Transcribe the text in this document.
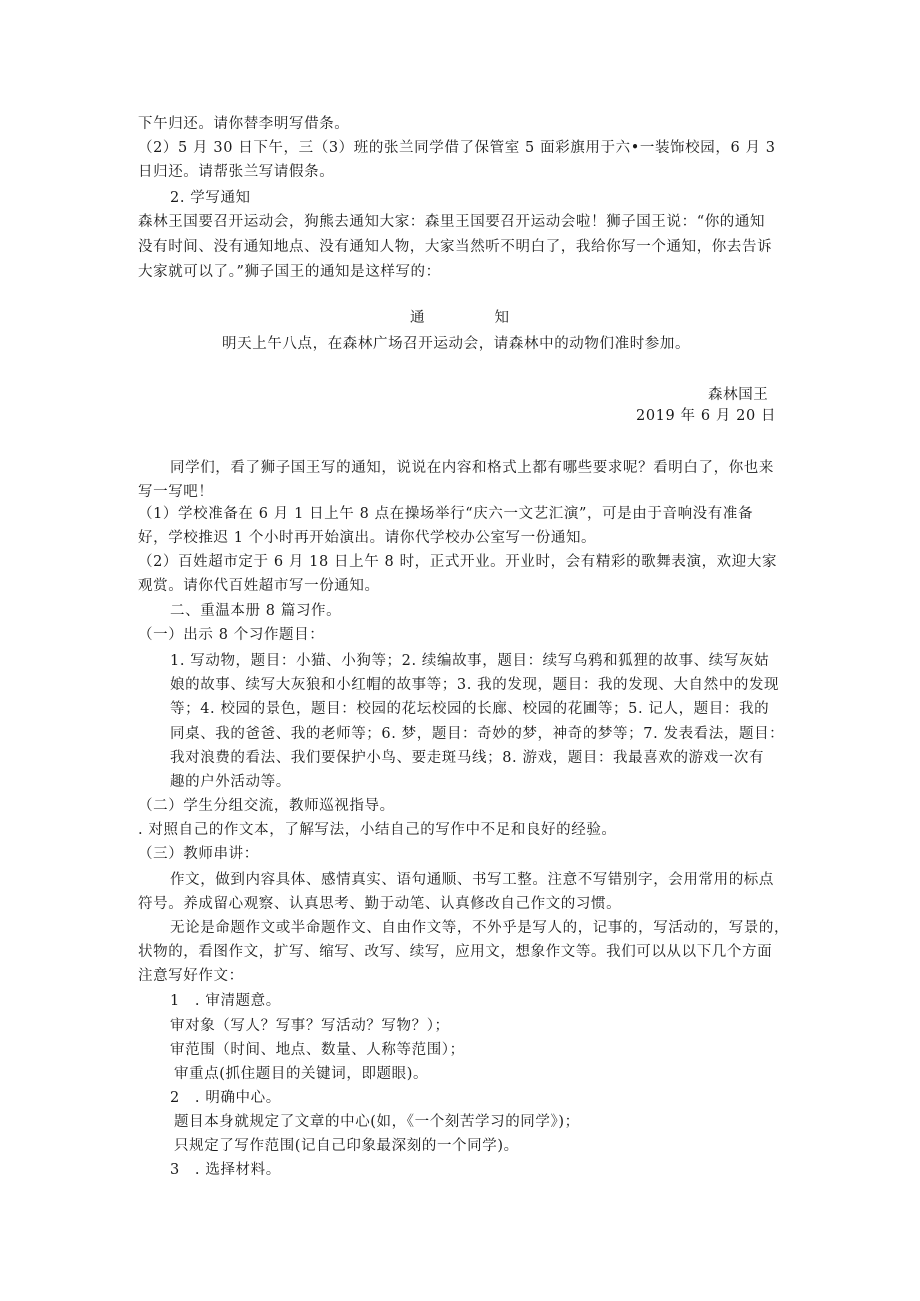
下午归还。请你替李明写借条。
（2）5 月 30 日下午，三（3）班的张兰同学借了保管室 5 面彩旗用于六•一装饰校园，6 月 3
日归还。请帮张兰写请假条。
2. 学写通知
森林王国要召开运动会，狗熊去通知大家：森里王国要召开运动会啦！狮子国王说：“你的通知
没有时间、没有通知地点、没有通知人物，大家当然听不明白了，我给你写一个通知，你去告诉
大家就可以了。”狮子国王的通知是这样写的：
通	知
明天上午八点，在森林广场召开运动会，请森林中的动物们准时参加。
森林国王
2019 年 6 月 20 日
同学们，看了狮子国王写的通知，说说在内容和格式上都有哪些要求呢？看明白了，你也来
写一写吧！
（1）学校准备在 6 月 1 日上午 8 点在操场举行“庆六一文艺汇演”，可是由于音响没有准备
好，学校推迟 1 个小时再开始演出。请你代学校办公室写一份通知。
（2）百姓超市定于 6 月 18 日上午 8 时，正式开业。开业时，会有精彩的歌舞表演，欢迎大家
观赏。请你代百姓超市写一份通知。
二、重温本册 8 篇习作。
（一）出示 8 个习作题目：
1. 写动物，题目：小猫、小狗等；2. 续编故事，题目：续写乌鸦和狐狸的故事、续写灰姑
娘的故事、续写大灰狼和小红帽的故事等；3. 我的发现，题目：我的发现、大自然中的发现
等；4. 校园的景色，题目：校园的花坛校园的长廊、校园的花圃等；5. 记人，题目：我的
同桌、我的爸爸、我的老师等；6. 梦，题目：奇妙的梦，神奇的梦等；7. 发表看法，题目：
我对浪费的看法、我们要保护小鸟、要走斑马线；8. 游戏，题目：我最喜欢的游戏一次有
趣的户外活动等。
（二）学生分组交流，教师巡视指导。
. 对照自己的作文本，了解写法，小结自己的写作中不足和良好的经验。
（三）教师串讲：
作文，做到内容具体、感情真实、语句通顺、书写工整。注意不写错别字，会用常用的标点
符号。养成留心观察、认真思考、勤于动笔、认真修改自己作文的习惯。
无论是命题作文或半命题作文、自由作文等，不外乎是写人的，记事的，写活动的，写景的，
状物的，看图作文，扩写、缩写、改写、续写，应用文，想象作文等。我们可以从以下几个方面
注意写好作文：
1　. 审清题意。
审对象（写人？写事？写活动？写物？）；
审范围（时间、地点、数量、人称等范围）；
审重点(抓住题目的关键词，即题眼)。
2　. 明确中心。
题目本身就规定了文章的中心(如，《一个刻苦学习的同学》)；
只规定了写作范围(记自己印象最深刻的一个同学)。
3　. 选择材料。
